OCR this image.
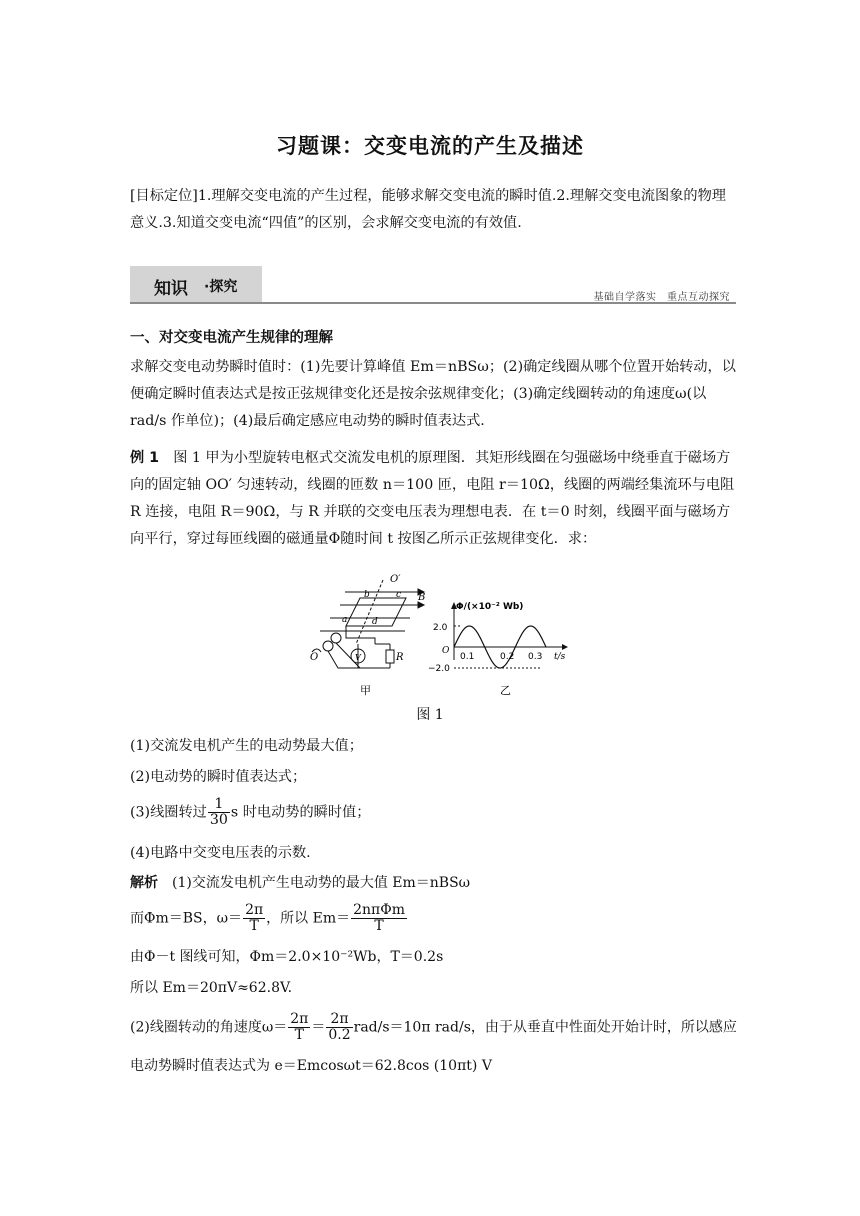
习题课：交变电流的产生及描述
[目标定位]1.理解交变电流的产生过程，能够求解交变电流的瞬时值.2.理解交变电流图象的物理意义.3.知道交变电流“四值”的区别，会求解交变电流的有效值.
知识 ·探究
基础自学落实　重点互动探究
一、对交变电流产生规律的理解
求解交变电动势瞬时值时：(1)先要计算峰值 Em＝nBSω；(2)确定线圈从哪个位置开始转动，以便确定瞬时值表达式是按正弦规律变化还是按余弦规律变化；(3)确定线圈转动的角速度ω(以 rad/s 作单位)；(4)最后确定感应电动势的瞬时值表达式.
例 1　图 1 甲为小型旋转电枢式交流发电机的原理图．其矩形线圈在匀强磁场中绕垂直于磁场方向的固定轴 OO′ 匀速转动，线圈的匝数 n＝100 匝，电阻 r＝10Ω，线圈的两端经集流环与电阻 R 连接，电阻 R＝90Ω，与 R 并联的交变电压表为理想电表．在 t＝0 时刻，线圈平面与磁场方向平行，穿过每匝线圈的磁通量Φ随时间 t 按图乙所示正弦规律变化．求：
O′
b	c B
a	d
O	V	R
甲
Φ/(×10⁻² Wb)
2.0
−2.0
O
0.1	0.2 0.3 t/s
乙
图 1
(1)交流发电机产生的电动势最大值；
(2)电动势的瞬时值表达式；
(3)线圈转过 $\frac{1}{30}$ s 时电动势的瞬时值；
(4)电路中交变电压表的示数.
解析　(1)交流发电机产生电动势的最大值 Em＝nBSω
而Φm＝BS，$\omega= \frac{2\pi}{T}$ ，所以 $Em= \frac{\text{2nπΦm}}{T}$
由Φ－t 图线可知，Φm＝2.0×10⁻²Wb，T＝0.2s
所以 Em＝20πV≈62.8V.
(2)线圈转动的角速度$\omega= \frac{2\pi}{T} = \frac{2\pi}{0.2} rad/s=10\pi$ rad/s，由于从垂直中性面处开始计时，所以感应
电动势瞬时值表达式为 e＝Emcosωt＝62.8cos (10πt) V
